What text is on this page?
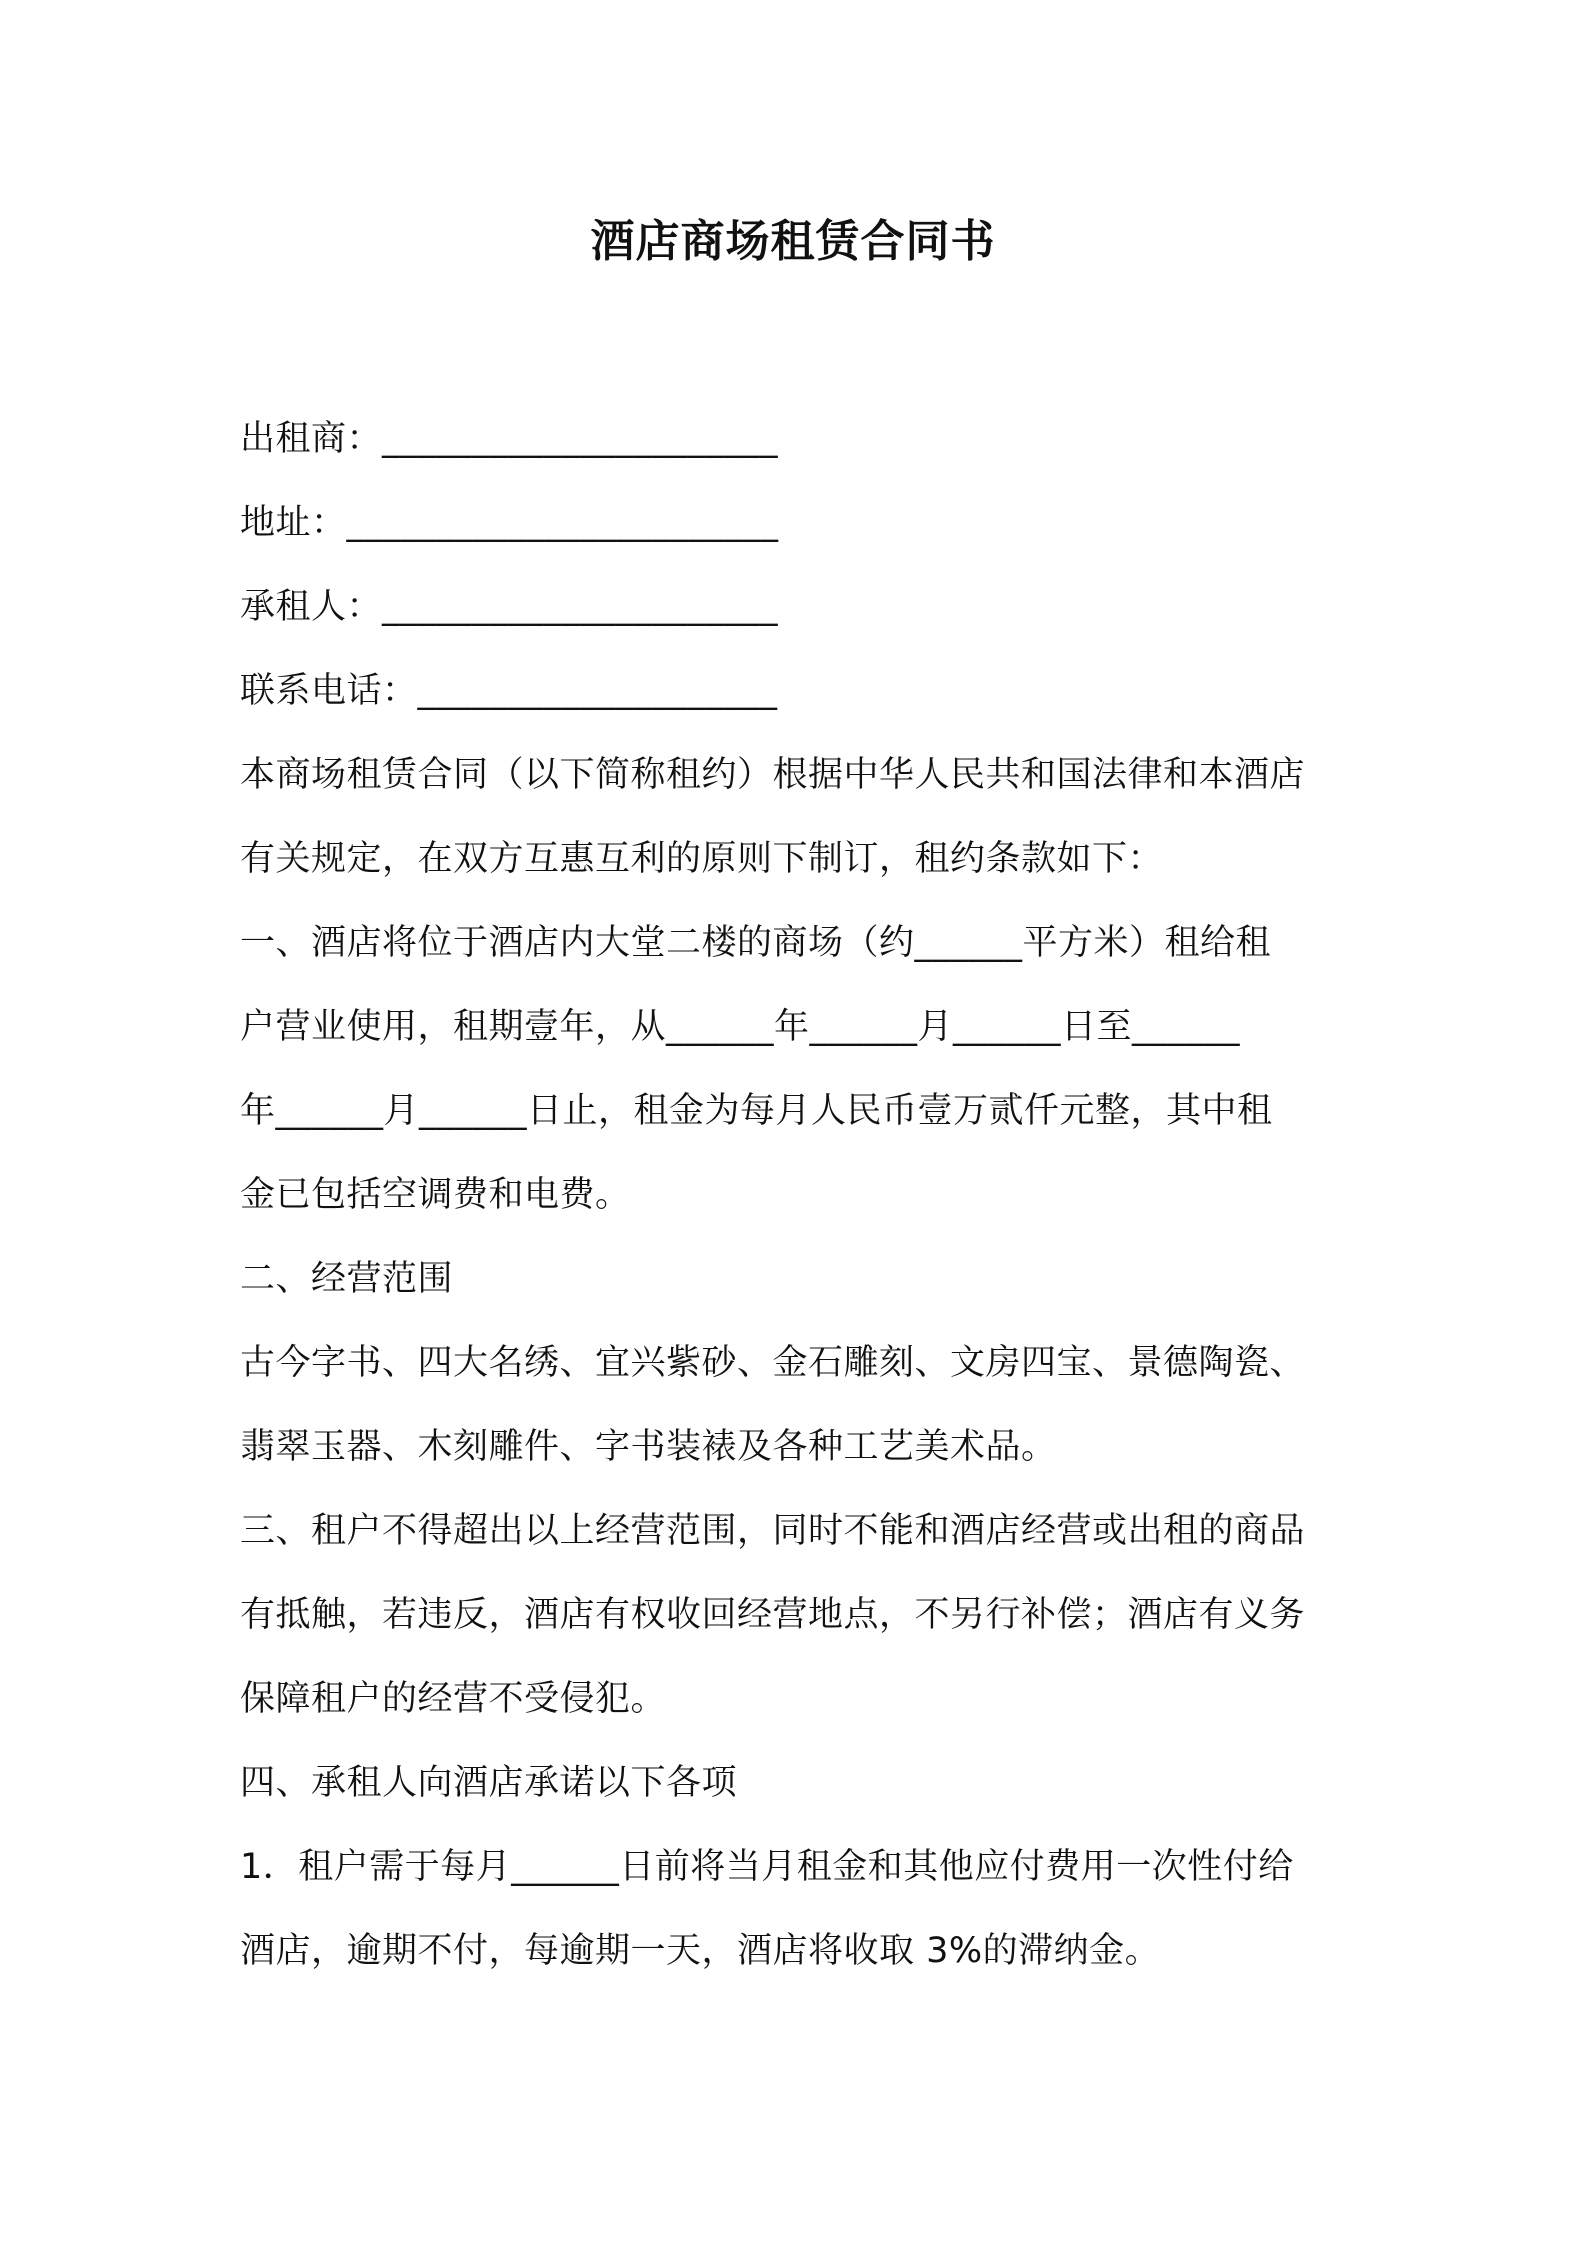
酒店商场租赁合同书
出租商：______________________
地址：________________________
承租人：______________________
联系电话：____________________
本商场租赁合同（以下简称租约）根据中华人民共和国法律和本酒店
有关规定，在双方互惠互利的原则下制订，租约条款如下：
一、酒店将位于酒店内大堂二楼的商场（约______平方米）租给租
户营业使用，租期壹年，从______年______月______日至______
年______月______日止，租金为每月人民币壹万贰仟元整，其中租
金已包括空调费和电费。
二、经营范围
古今字书、四大名绣、宜兴紫砂、金石雕刻、文房四宝、景德陶瓷、
翡翠玉器、木刻雕件、字书装裱及各种工艺美术品。
三、租户不得超出以上经营范围，同时不能和酒店经营或出租的商品
有抵触，若违反，酒店有权收回经营地点，不另行补偿；酒店有义务
保障租户的经营不受侵犯。
四、承租人向酒店承诺以下各项
1．租户需于每月______日前将当月租金和其他应付费用一次性付给
酒店，逾期不付，每逾期一天，酒店将收取 3%的滞纳金。
